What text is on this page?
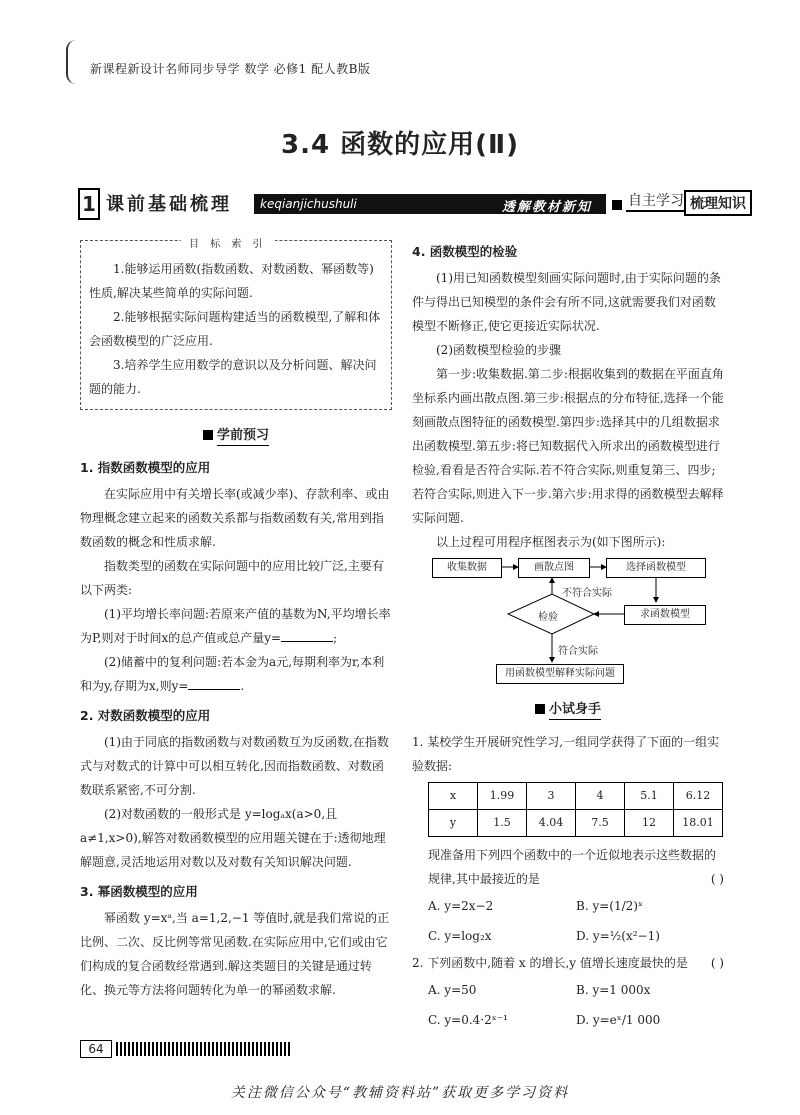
新课程新设计名师同步导学 数学 必修1 配人教B版
3.4 函数的应用(Ⅱ)
1 课前基础梳理 keqianjichushuli	透解教材新知	自主学习 梳理知识
目 标 索 引

1.能够运用函数(指数函数、对数函数、幂函数等)性质,解决某些简单的实际问题.

2.能够根据实际问题构建适当的函数模型,了解和体会函数模型的广泛应用.

3.培养学生应用数学的意识以及分析问题、解决问题的能力.

学前预习
1. 指数函数模型的应用

在实际应用中有关增长率(或减少率)、存款利率、或由物理概念建立起来的函数关系都与指数函数有关,常用到指数函数的概念和性质求解.

指数类型的函数在实际问题中的应用比较广泛,主要有以下两类:

(1)平均增长率问题:若原来产值的基数为N,平均增长率为P,则对于时间x的总产值或总产量y=	;

(2)储蓄中的复利问题:若本金为a元,每期利率为r,本利和为y,存期为x,则y=	.

2. 对数函数模型的应用

(1)由于同底的指数函数与对数函数互为反函数,在指数式与对数式的计算中可以相互转化,因而指数函数、对数函数联系紧密,不可分割.

(2)对数函数的一般形式是 y=logₐx(a>0,且 a≠1,x>0),解答对数函数模型的应用题关键在于:透彻地理解题意,灵活地运用对数以及对数有关知识解决问题.

3. 幂函数模型的应用

幂函数 y=xᵃ,当 a=1,2,−1 等值时,就是我们常说的正比例、二次、反比例等常见函数.在实际应用中,它们或由它们构成的复合函数经常遇到.解这类题目的关键是通过转化、换元等方法将问题转化为单一的幂函数求解.

4. 函数模型的检验

(1)用已知函数模型刻画实际问题时,由于实际问题的条件与得出已知模型的条件会有所不同,这就需要我们对函数模型不断修正,使它更接近实际状况.

(2)函数模型检验的步骤

第一步:收集数据.第二步:根据收集到的数据在平面直角坐标系内画出散点图.第三步:根据点的分布特征,选择一个能刻画散点图特征的函数模型.第四步:选择其中的几组数据求出函数模型.第五步:将已知数据代入所求出的函数模型进行检验,看看是否符合实际.若不符合实际,则重复第三、四步;若符合实际,则进入下一步.第六步:用求得的函数模型去解释实际问题.

以上过程可用程序框图表示为(如下图所示):

收集数据	画散点图	选择函数模型
求函数模型
检验
不符合实际
符合实际
用函数模型解释实际问题
小试身手

1. 某校学生开展研究性学习,一组同学获得了下面的一组实验数据:

x	1.99	3	4	5.1	6.12
y	1.5	4.04	7.5	12	18.01

现准备用下列四个函数中的一个近似地表示这些数据的规律,其中最接近的是	( )

A. y=2x−2	B. y=(1/2)ˣ
C. y=log₂x	D. y=½(x²−1)

2. 下列函数中,随着 x 的增长,y 值增长速度最快的是 ( )

A. y=50	B. y=1 000x
C. y=0.4·2ˣ⁻¹	D. y=eˣ/1 000
64
关注微信公众号“教辅资料站”获取更多学习资料
